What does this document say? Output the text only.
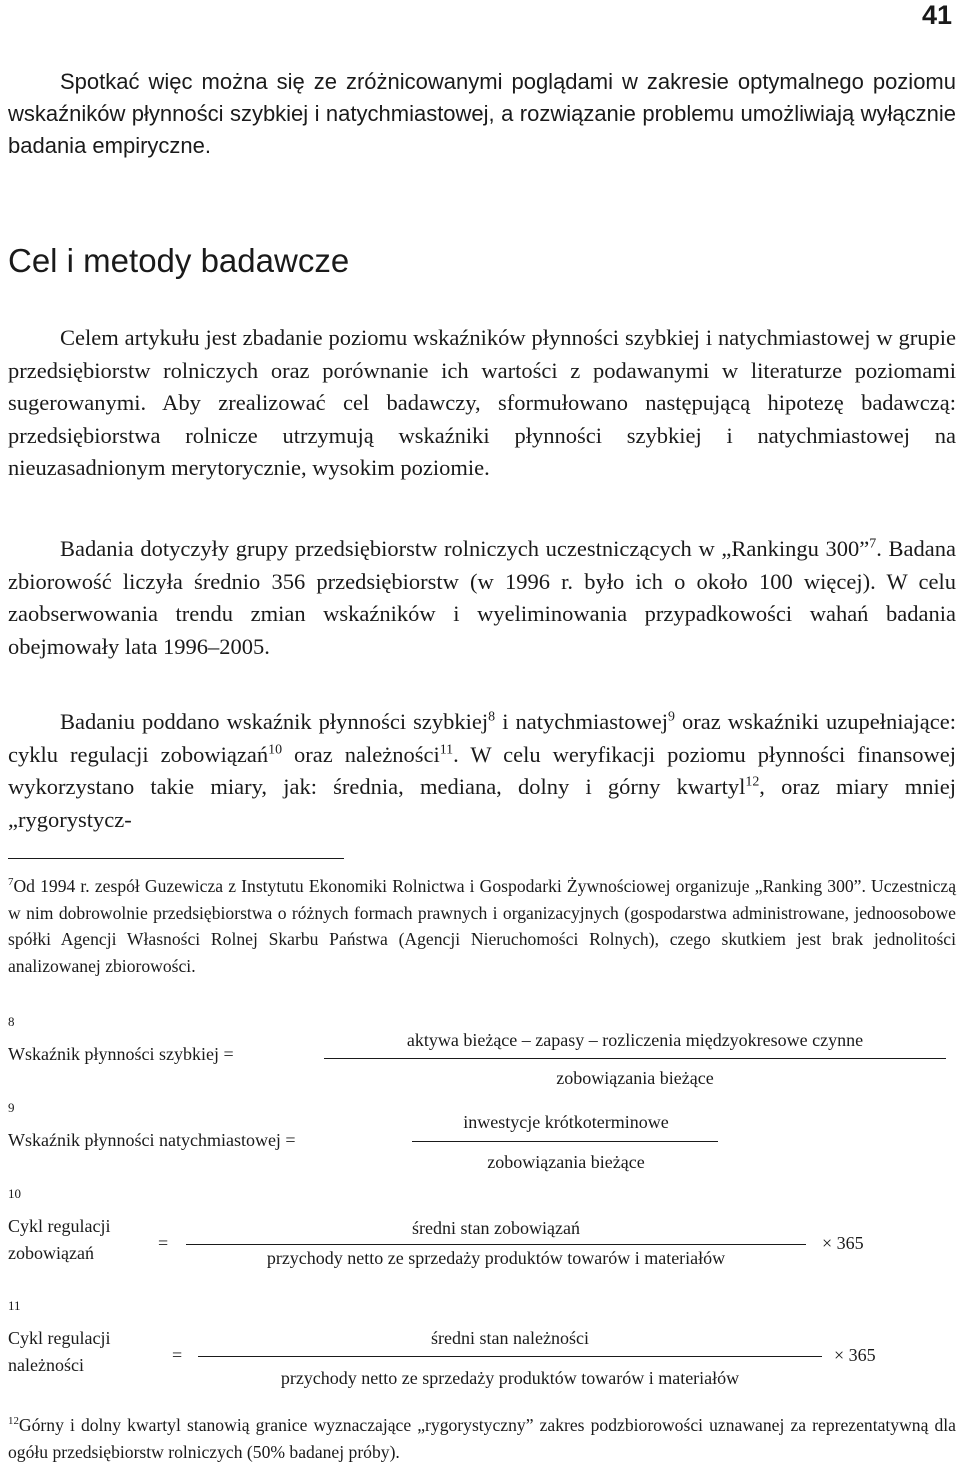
41
Spotkać więc można się ze zróżnicowanymi poglądami w zakresie optymalnego poziomu wskaźników płynności szybkiej i natychmiastowej, a rozwiązanie problemu umożliwiają wyłącznie badania empiryczne.
Cel i metody badawcze
Celem artykułu jest zbadanie poziomu wskaźników płynności szybkiej i natychmiastowej w grupie przedsiębiorstw rolniczych oraz porównanie ich wartości z podawanymi w literaturze poziomami sugerowanymi. Aby zrealizować cel badawczy, sformułowano następującą hipotezę badawczą: przedsiębiorstwa rolnicze utrzymują wskaźniki płynności szybkiej i natychmiastowej na nieuzasadnionym merytorycznie, wysokim poziomie.
Badania dotyczyły grupy przedsiębiorstw rolniczych uczestniczących w „Rankingu 300”$^7$. Badana zbiorowość liczyła średnio 356 przedsiębiorstw (w 1996 r. było ich o około 100 więcej). W celu zaobserwowania trendu zmian wskaźników i wyeliminowania przypadkowości wahań badania obejmowały lata 1996–2005.
Badaniu poddano wskaźnik płynności szybkiej$^8$ i natychmiastowej$^9$ oraz wskaźniki uzupełniające: cyklu regulacji zobowiązań$^{10}$ oraz należności$^{11}$. W celu weryfikacji poziomu płynności finansowej wykorzystano takie miary, jak: średnia, mediana, dolny i górny kwartyl$^{12}$, oraz miary mniej „rygorystycz-
$^7$Od 1994 r. zespół Guzewicza z Instytutu Ekonomiki Rolnictwa i Gospodarki Żywnościowej organizuje „Ranking 300”. Uczestniczą w nim dobrowolnie przedsiębiorstwa o różnych formach prawnych i organizacyjnych (gospodarstwa administrowane, jednoosobowe spółki Agencji Własności Rolnej Skarbu Państwa (Agencji Nieruchomości Rolnych), czego skutkiem jest brak jednolitości analizowanej zbiorowości.
8
Wskaźnik płynności szybkiej =
aktywa bieżące – zapasy – rozliczenia międzyokresowe czynne
zobowiązania bieżące
9
Wskaźnik płynności natychmiastowej =
inwestycje krótkoterminowe
zobowiązania bieżące
10
Cykl regulacji
zobowiązań	=
średni stan zobowiązań
przychody netto ze sprzedaży produktów towarów i materiałów
× 365
11
Cykl regulacji
należności	=
średni stan należności
przychody netto ze sprzedaży produktów towarów i materiałów
× 365
$^{12}$Górny i dolny kwartyl stanowią granice wyznaczające „rygorystyczny” zakres podzbiorowości uznawanej za reprezentatywną dla ogółu przedsiębiorstw rolniczych (50% badanej próby).
